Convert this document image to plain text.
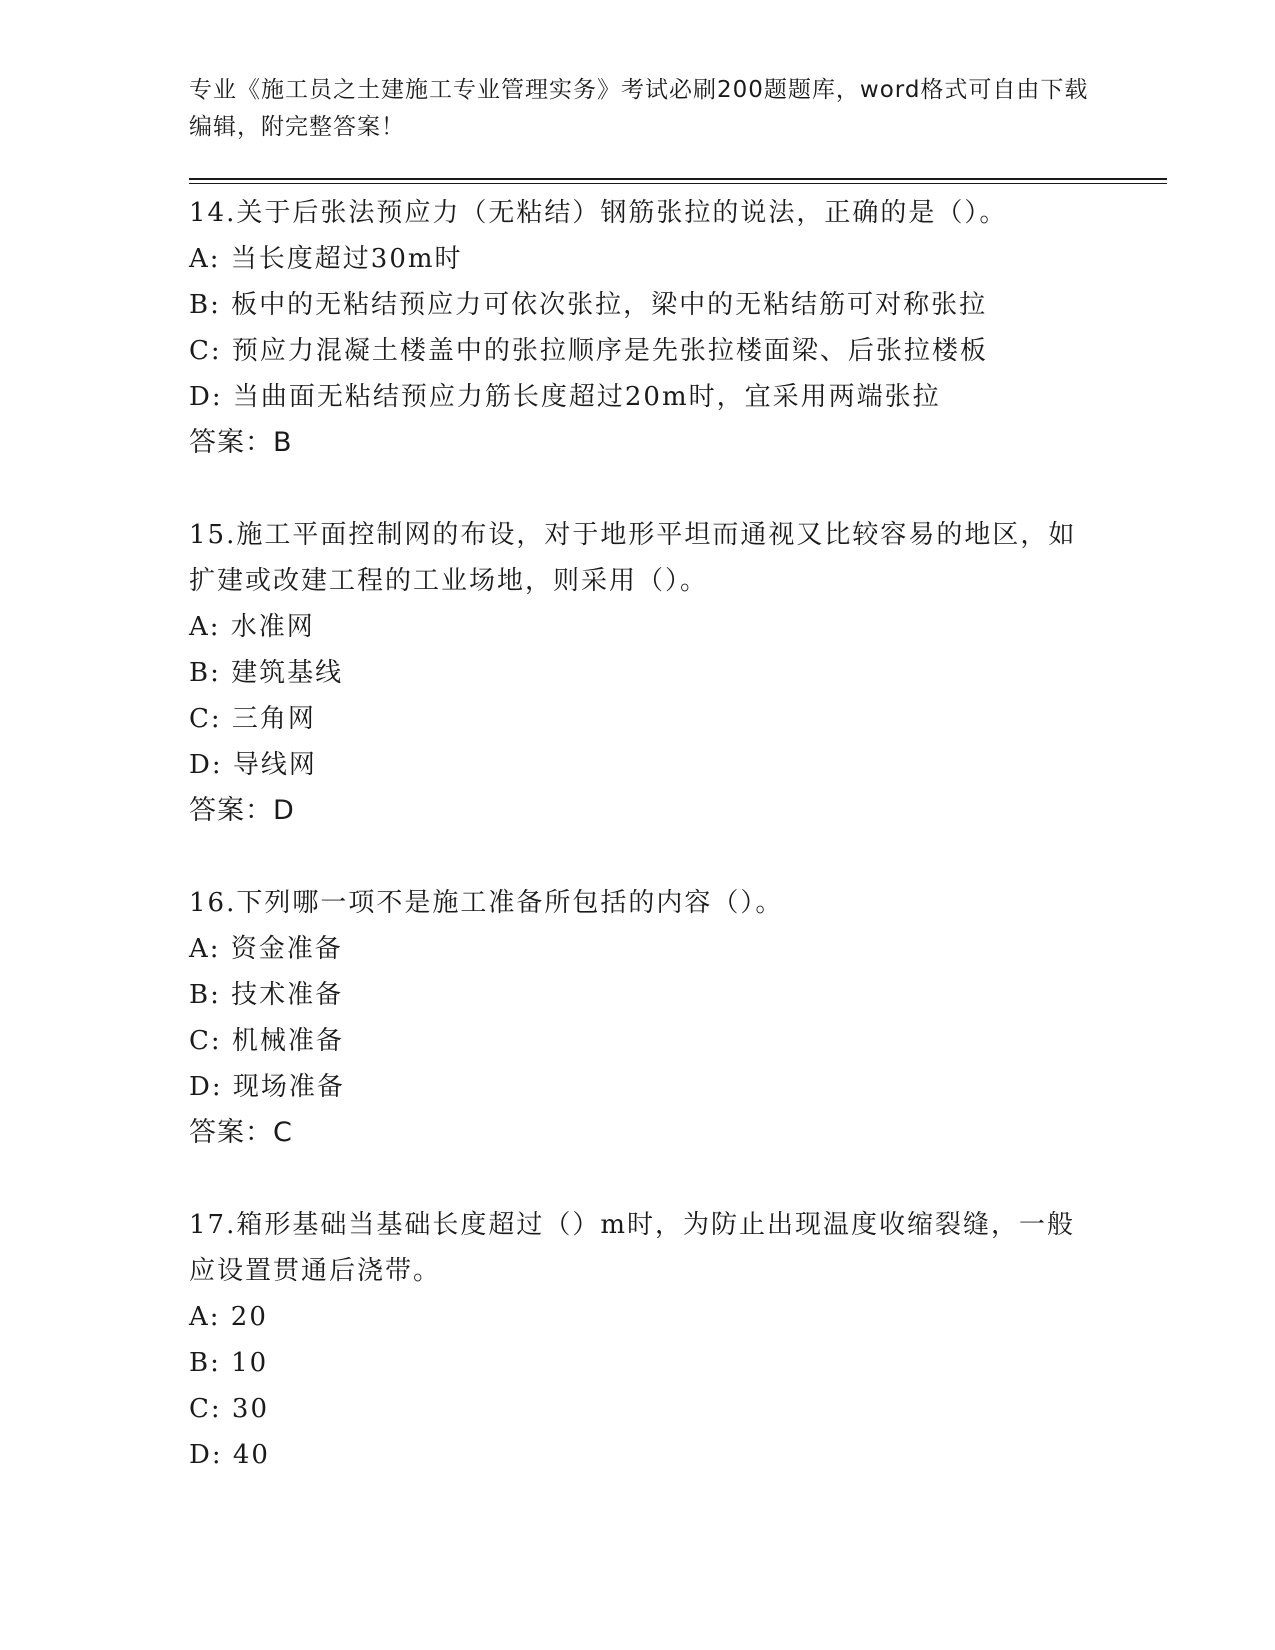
专业《施工员之土建施工专业管理实务》考试必刷200题题库，word格式可自由下载编辑，附完整答案！
14.关于后张法预应力（无粘结）钢筋张拉的说法，正确的是（）。
A: 当长度超过30m时
B: 板中的无粘结预应力可依次张拉，梁中的无粘结筋可对称张拉
C: 预应力混凝土楼盖中的张拉顺序是先张拉楼面梁、后张拉楼板
D: 当曲面无粘结预应力筋长度超过20m时，宜采用两端张拉
答案：B
15.施工平面控制网的布设，对于地形平坦而通视又比较容易的地区，如扩建或改建工程的工业场地，则采用（）。
A: 水准网
B: 建筑基线
C: 三角网
D: 导线网
答案：D
16.下列哪一项不是施工准备所包括的内容（）。
A: 资金准备
B: 技术准备
C: 机械准备
D: 现场准备
答案：C
17.箱形基础当基础长度超过（）m时，为防止出现温度收缩裂缝，一般应设置贯通后浇带。
A: 20
B: 10
C: 30
D: 40
